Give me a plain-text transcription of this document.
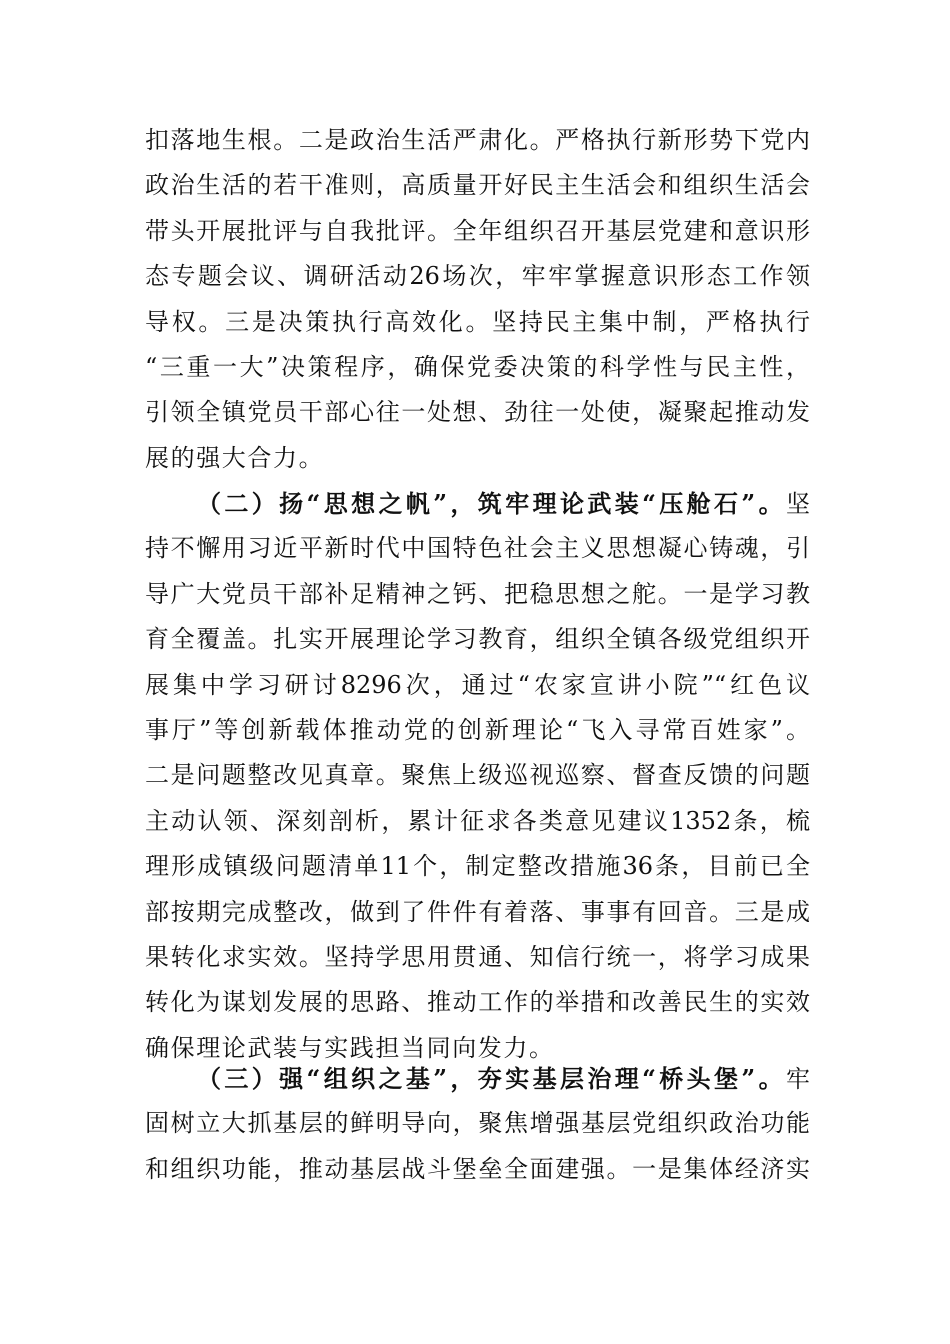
扣落地生根。二是政治生活严肃化。严格执行新形势下党内
政治生活的若干准则，高质量开好民主生活会和组织生活会
带头开展批评与自我批评。全年组织召开基层党建和意识形
态专题会议、调研活动26场次，牢牢掌握意识形态工作领
导权。三是决策执行高效化。坚持民主集中制，严格执行
“三重一大”决策程序，确保党委决策的科学性与民主性，
引领全镇党员干部心往一处想、劲往一处使，凝聚起推动发
展的强大合力。
（二）扬“思想之帆”，筑牢理论武装“压舱石”。坚
持不懈用习近平新时代中国特色社会主义思想凝心铸魂，引
导广大党员干部补足精神之钙、把稳思想之舵。一是学习教
育全覆盖。扎实开展理论学习教育，组织全镇各级党组织开
展集中学习研讨8296次，通过“农家宣讲小院”“红色议
事厅”等创新载体推动党的创新理论“飞入寻常百姓家”。
二是问题整改见真章。聚焦上级巡视巡察、督查反馈的问题
主动认领、深刻剖析，累计征求各类意见建议1352条，梳
理形成镇级问题清单11个，制定整改措施36条，目前已全
部按期完成整改，做到了件件有着落、事事有回音。三是成
果转化求实效。坚持学思用贯通、知信行统一，将学习成果
转化为谋划发展的思路、推动工作的举措和改善民生的实效
确保理论武装与实践担当同向发力。
（三）强“组织之基”，夯实基层治理“桥头堡”。牢
固树立大抓基层的鲜明导向，聚焦增强基层党组织政治功能
和组织功能，推动基层战斗堡垒全面建强。一是集体经济实
